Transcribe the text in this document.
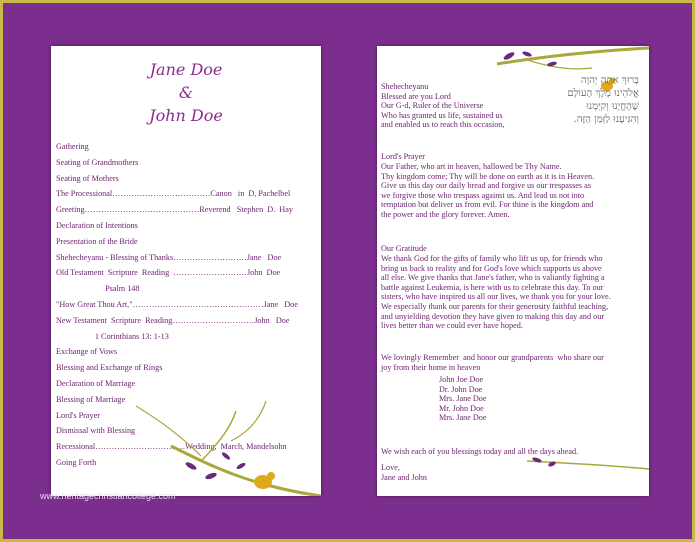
Jane Doe
&
John Doe
Gathering
Seating of Grandmothers
Seating of Mothers
The Processional………………………………Canon   in  D, Pachelbel
Greeting……………………………………Reverend   Stephen  D.  Hay
Declaration of Intentions
Presentation of the Bride
Shehecheyanu - Blessing of Thanks………………………Jane   Doe
Old Testament  Scripture  Reading  ………………………John  Doe
Psalm 148
"How Great Thou Art,"…………………………………………Jane   Doe
New Testament  Scripture  Reading…………………………John   Doe
1 Corinthians 13: 1-13
Exchange of Vows
Blessing and Exchange of Rings
Declaration of Marriage
Blessing of Marriage
Lord's Prayer
Dismissal with Blessing
Recessional……………………………Wedding,  March, Mandelsohn
Going Forth
בָּרוּךְ אַתָּה יְהוָה
אֱלֹהֵינוּ מֶלֶךְ הָעוֹלָם
שֶׁהֶחֱיָנוּ וְקִיְּמָנוּ
וְהִגִּיעָנוּ לַזְּמַן הַזֶּה.
Shehecheyanu
Blessed are you Lord
Our G-d, Ruler of the Universe
Who has granted us life, sustained us
and enabled us to reach this occasion,
Lord's Prayer
Our Father, who art in heaven, hallowed be Thy Name.
Thy kingdom come; Thy will be done on earth as it is in Heaven.
Give us this day our daily bread and forgive us our trespasses as
we forgive those who trespass against us. And lead us not into
temptation but deliver us from evil. For thine is the kingdom and
the power and the glory forever. Amen.
Our Gratitude
We thank God for the gifts of family who lift us up, for friends who
bring us back to reality and for God's love which supports us above
all else. We give thanks that Jane's father, who is valiantly fighting a
battle against Leukemia, is here with us to celebrate this day. To our
sisters, who have inspired us all our lives, we thank you for your love.
We especially thank our parents for their generosity faithful teaching,
and unyielding devotion they have given to making this day and our
lives better than we could ever have hoped.
We lovingly Remember  and honor our grandparents  who share our
joy from their home in heaven
John Joe Doe
Dr. John Doe
Mrs. Jane Doe
Mr. John Doe
Mrs. Jane Doe
We wish each of you blessings today and all the days ahead.
Love,
Jane and John
www.heritagechristiancollege.com
